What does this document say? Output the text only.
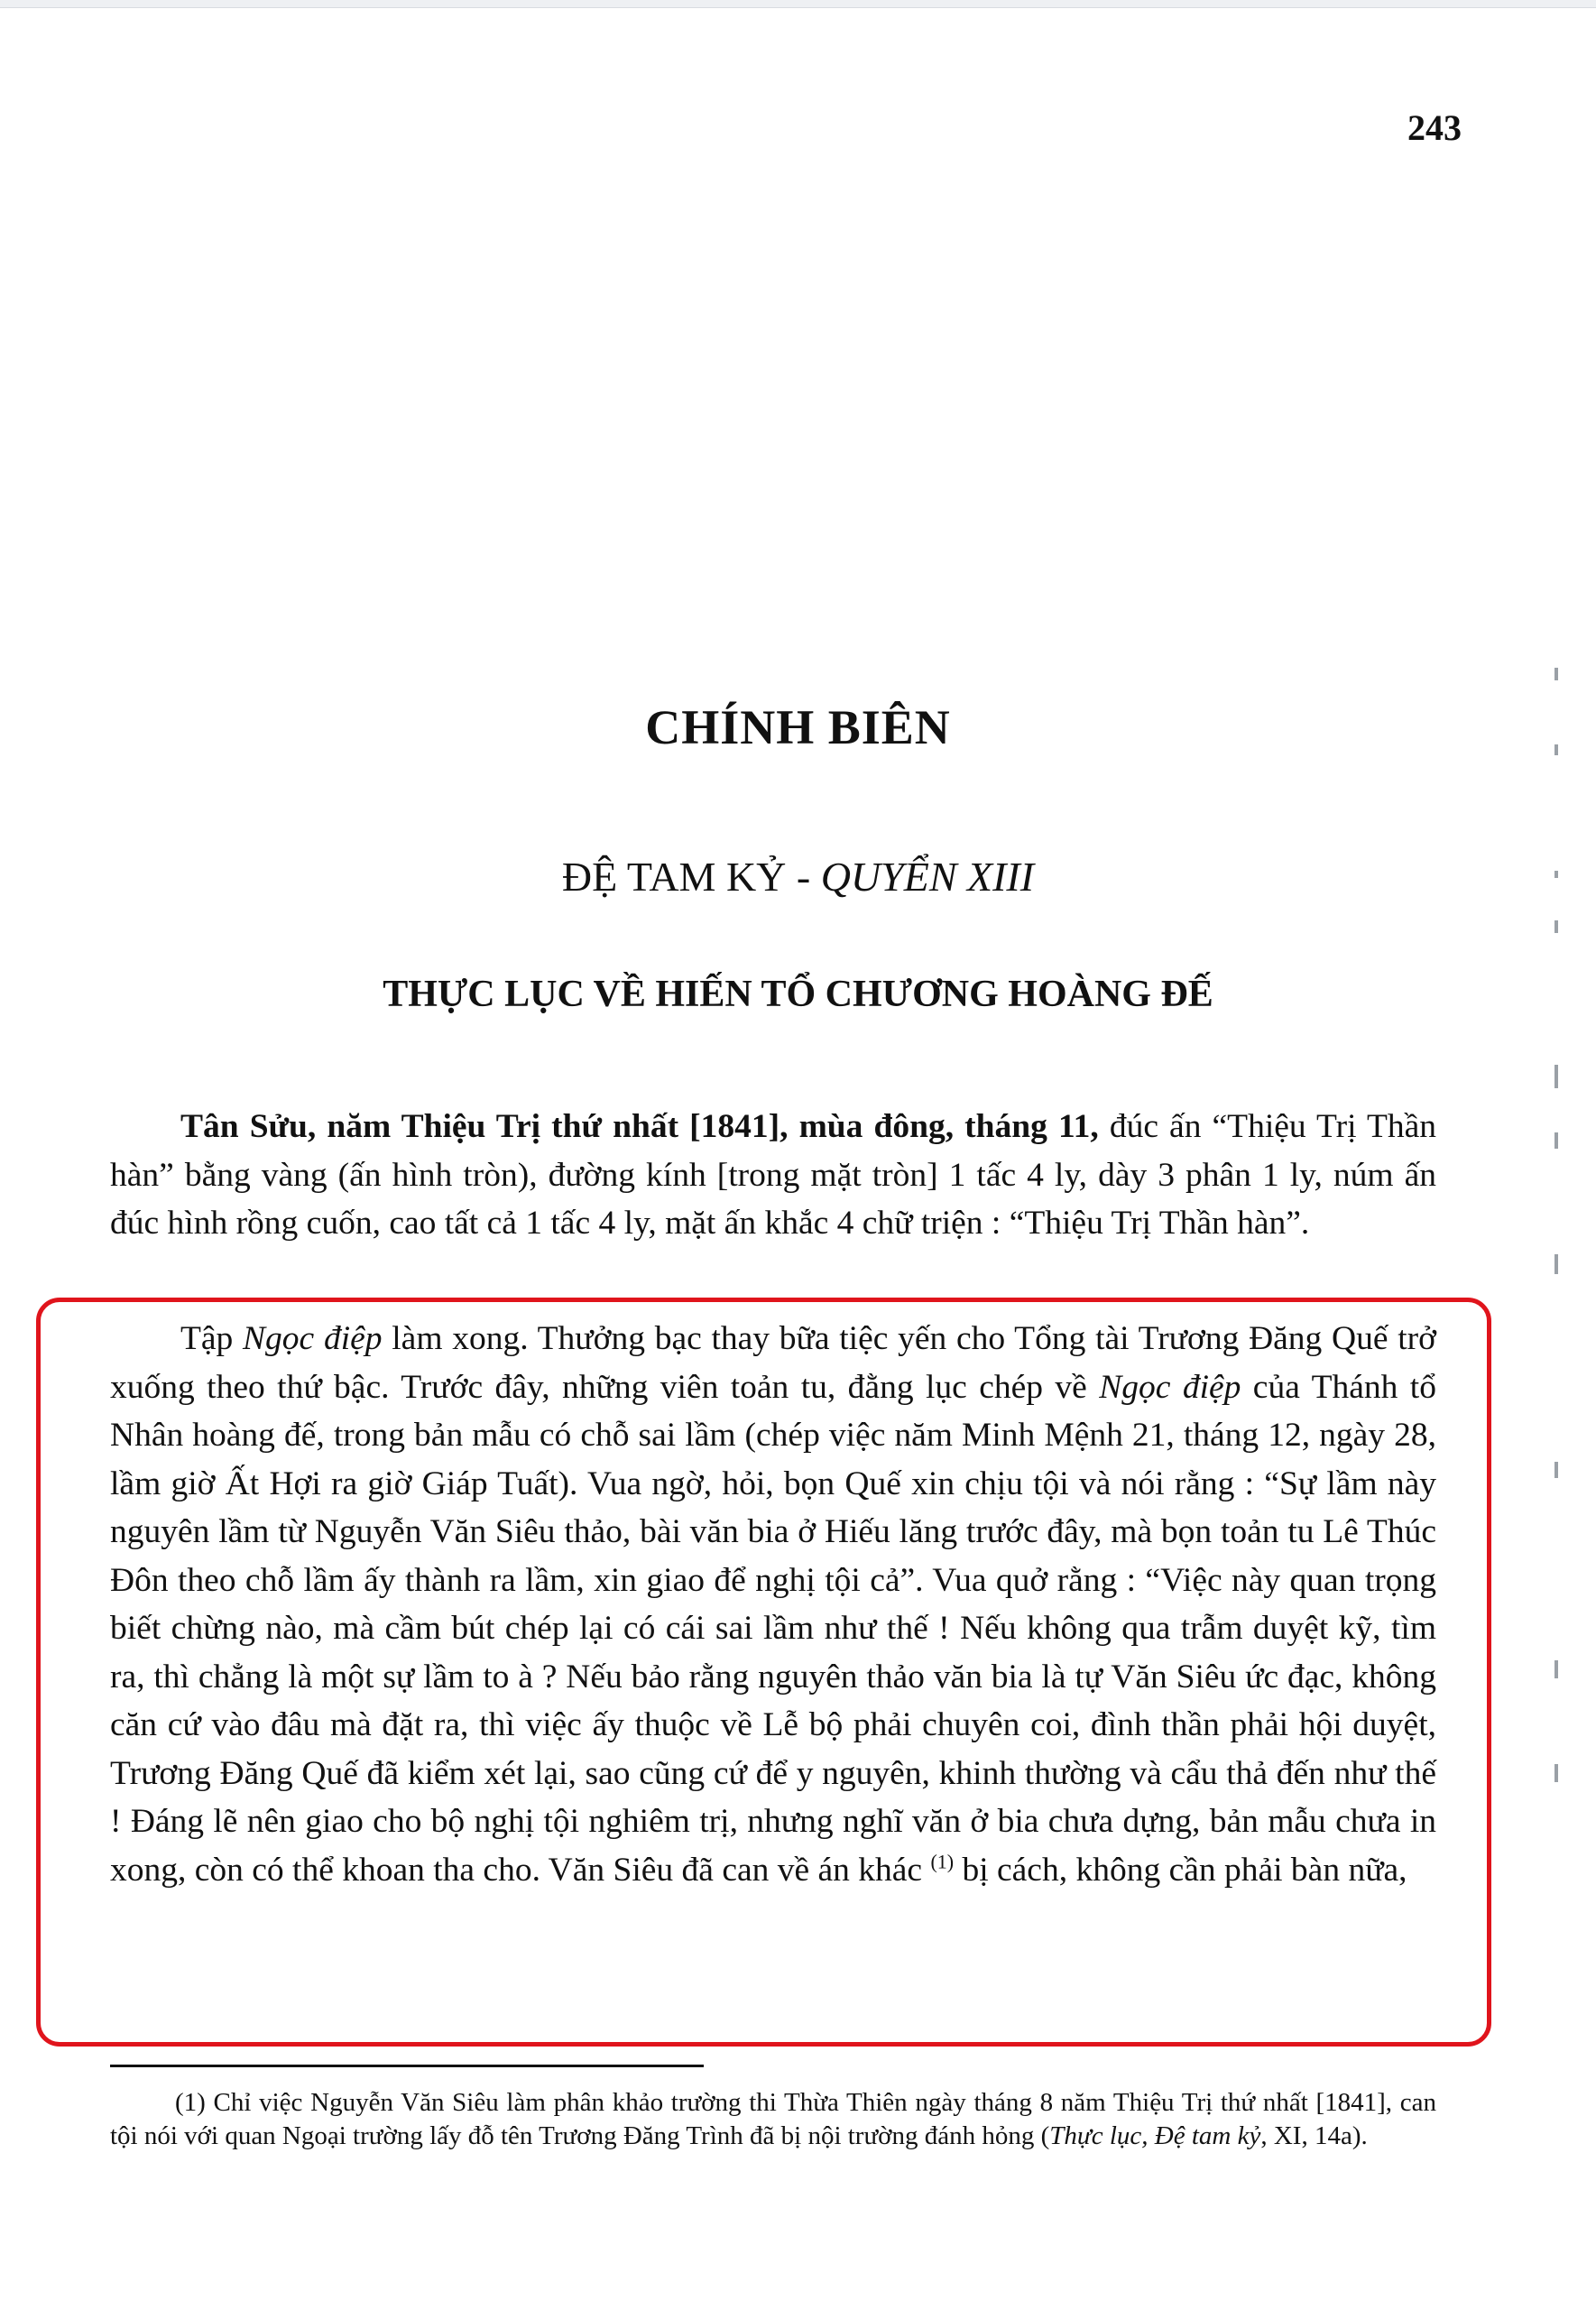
243
CHÍNH BIÊN
ĐỆ TAM KỶ - QUYỂN XIII
THỰC LỤC VỀ HIẾN TỔ CHƯƠNG HOÀNG ĐẾ

Tân Sửu, năm Thiệu Trị thứ nhất [1841], mùa đông, tháng 11, đúc ấn “Thiệu Trị Thần hàn” bằng vàng (ấn hình tròn), đường kính [trong mặt tròn] 1 tấc 4 ly, dày 3 phân 1 ly, núm ấn đúc hình rồng cuốn, cao tất cả 1 tấc 4 ly, mặt ấn khắc 4 chữ triện : “Thiệu Trị Thần hàn”.

Tập Ngọc điệp làm xong. Thưởng bạc thay bữa tiệc yến cho Tổng tài Trương Đăng Quế trở xuống theo thứ bậc. Trước đây, những viên toản tu, đằng lục chép về Ngọc điệp của Thánh tổ Nhân hoàng đế, trong bản mẫu có chỗ sai lầm (chép việc năm Minh Mệnh 21, tháng 12, ngày 28, lầm giờ Ất Hợi ra giờ Giáp Tuất). Vua ngờ, hỏi, bọn Quế xin chịu tội và nói rằng : “Sự lầm này nguyên lầm từ Nguyễn Văn Siêu thảo, bài văn bia ở Hiếu lăng trước đây, mà bọn toản tu Lê Thúc Đôn theo chỗ lầm ấy thành ra lầm, xin giao để nghị tội cả”. Vua quở rằng : “Việc này quan trọng biết chừng nào, mà cầm bút chép lại có cái sai lầm như thế ! Nếu không qua trẫm duyệt kỹ, tìm ra, thì chẳng là một sự lầm to à ? Nếu bảo rằng nguyên thảo văn bia là tự Văn Siêu ức đạc, không căn cứ vào đâu mà đặt ra, thì việc ấy thuộc về Lễ bộ phải chuyên coi, đình thần phải hội duyệt, Trương Đăng Quế đã kiểm xét lại, sao cũng cứ để y nguyên, khinh thường và cẩu thả đến như thế ! Đáng lẽ nên giao cho bộ nghị tội nghiêm trị, nhưng nghĩ văn ở bia chưa dựng, bản mẫu chưa in xong, còn có thể khoan tha cho. Văn Siêu đã can về án khác $^{(1)}$ bị cách, không cần phải bàn nữa,

(1) Chỉ việc Nguyễn Văn Siêu làm phân khảo trường thi Thừa Thiên ngày tháng 8 năm Thiệu Trị thứ nhất [1841], can tội nói với quan Ngoại trường lấy đỗ tên Trương Đăng Trình đã bị nội trường đánh hỏng (Thực lục, Đệ tam kỷ, XI, 14a).
